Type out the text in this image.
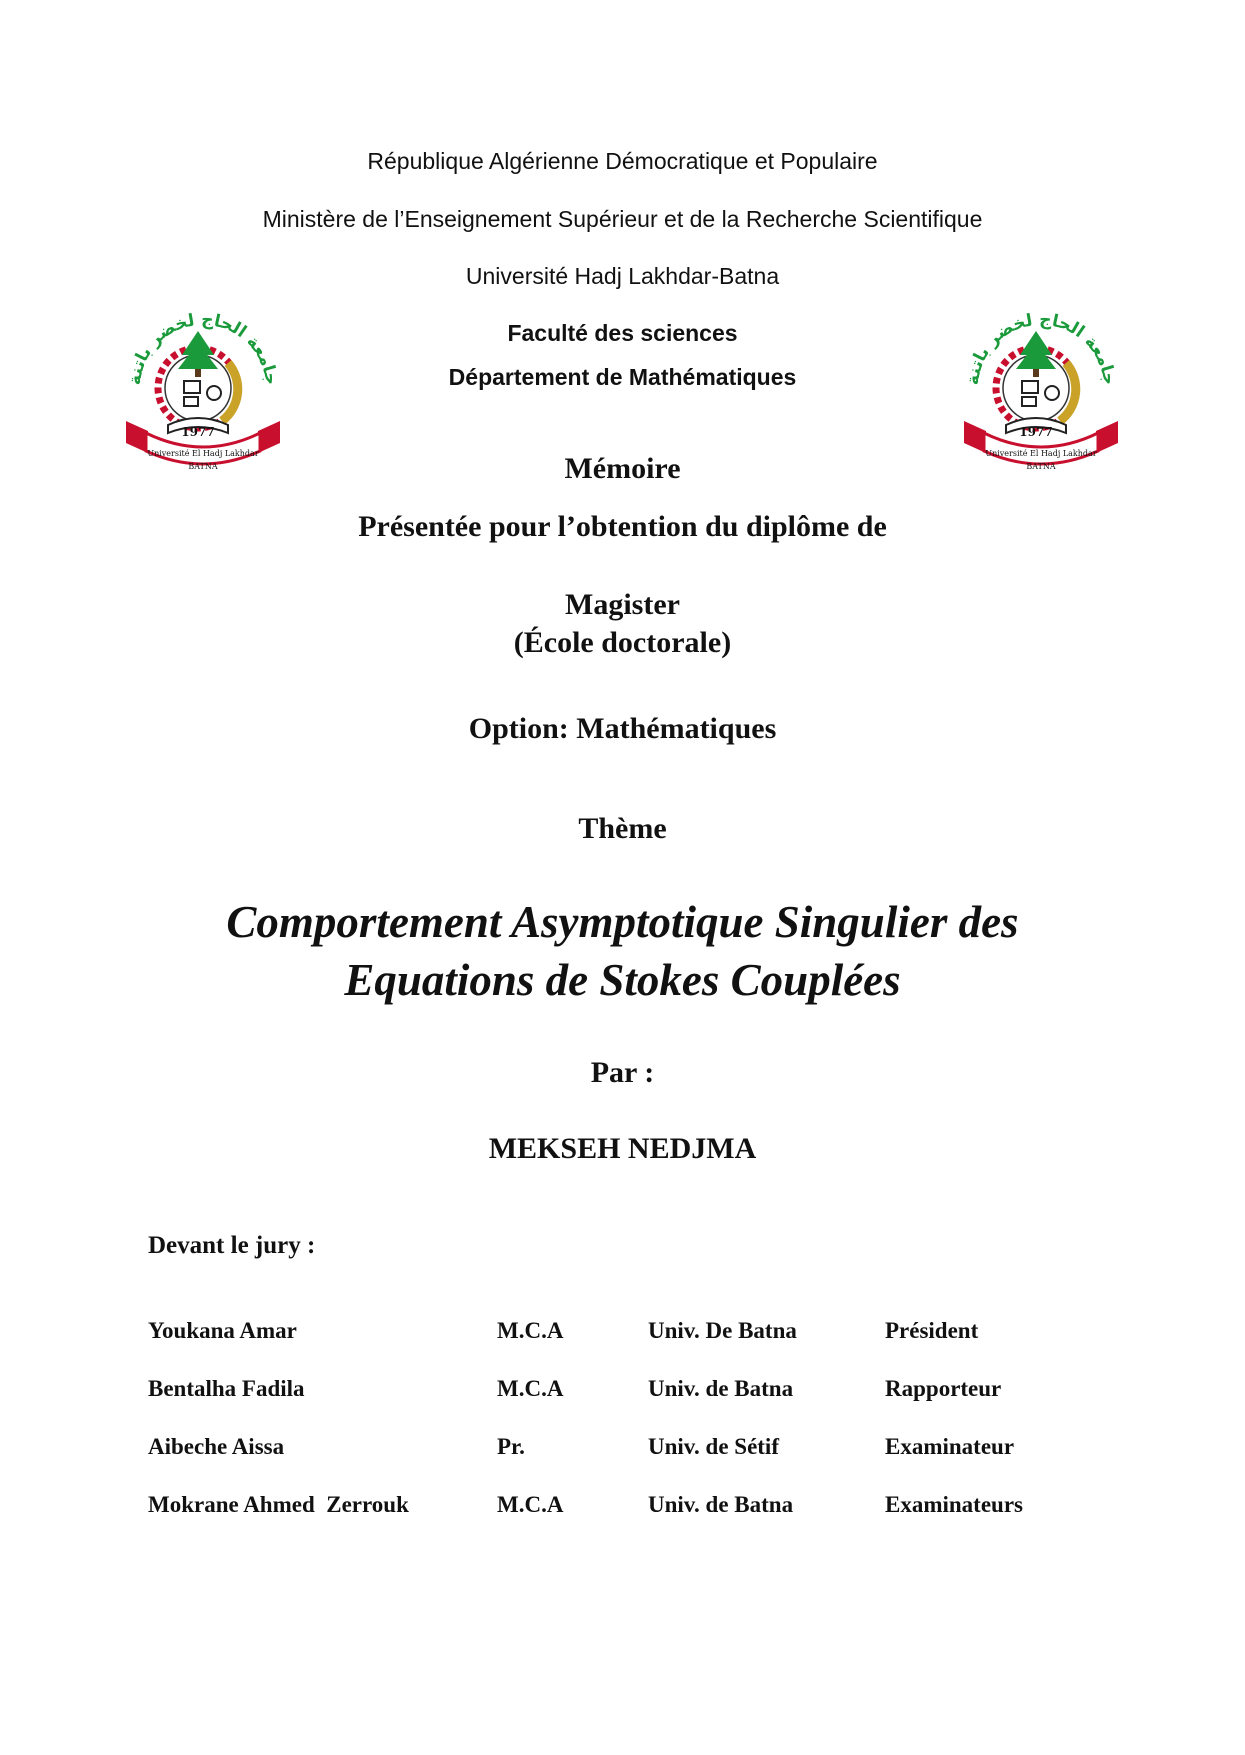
République Algérienne Démocratique et Populaire
Ministère de l’Enseignement Supérieur et de la Recherche Scientifique
Université Hadj Lakhdar-Batna
Faculté des sciences
Département de Mathématiques
جامعة الحاج لخضر باتنة
1977
Université El Hadj Lakhdar
BATNA
جامعة الحاج لخضر باتنة
1977
Université El Hadj Lakhdar
BATNA
Mémoire
Présentée pour l’obtention du diplôme de
Magister
(École doctorale)
Option: Mathématiques
Thème
Comportement Asymptotique Singulier des
Equations de Stokes Couplées
Par :
MEKSEH NEDJMA
Devant le jury :
Youkana Amar	M.C.A	Univ. De Batna	Président
Bentalha Fadila	M.C.A	Univ. de Batna	Rapporteur
Aibeche Aissa	Pr.	Univ. de Sétif	Examinateur
Mokrane Ahmed  Zerrouk	M.C.A	Univ. de Batna	Examinateurs
